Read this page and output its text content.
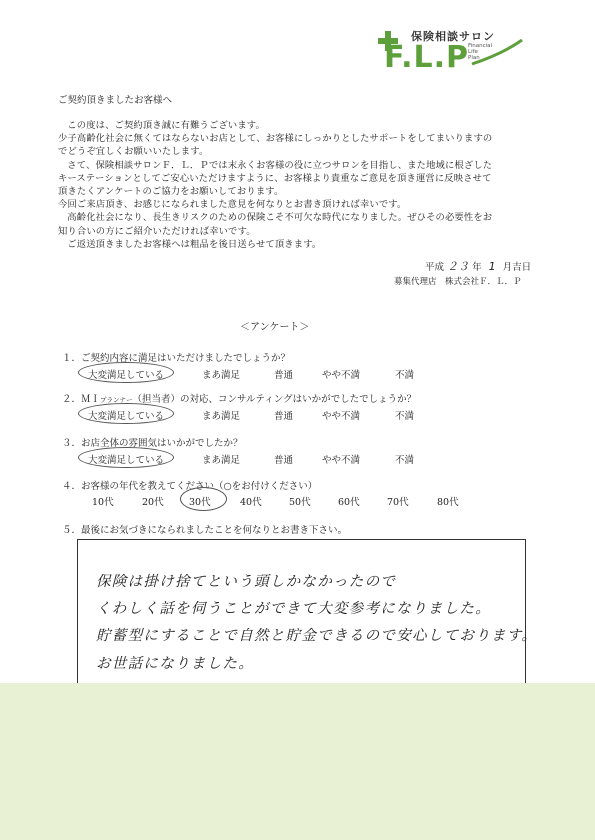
保険相談サロン
F.L.P Financial
Life
Plan
ご契約頂きましたお客様へ

この度は、ご契約頂き誠に有難うございます。

少子高齢化社会に無くてはならないお店として、お客様にしっかりとしたサポートをしてまいりますの

でどうぞ宜しくお願いいたします。

さて、保険相談サロンＦ．Ｌ．Ｐでは末永くお客様の役に立つサロンを目指し、また地域に根ざした

キーステーションとしてご安心いただけますように、お客様より貴重なご意見を頂き運営に反映させて

頂きたくアンケートのご協力をお願いしております。

今回ご来店頂き、お感じになられました意見を何なりとお書き頂ければ幸いです。

高齢化社会になり、長生きリスクのための保険こそ不可欠な時代になりました。ぜひその必要性をお

知り合いの方にご紹介いただければ幸いです。

ご返送頂きましたお客様へは粗品を後日送らせて頂きます。

平成 ２３ 年 1 月吉日
募集代理店　株式会社Ｆ．Ｌ．Ｐ
＜アンケート＞
１．ご契約内容に満足はいただけましたでしょうか？
大変満足している	まあ満足	普通	やや不満	不満
２．ＭＩプランナー（担当者）の対応、コンサルティングはいかがでしたでしょうか？
大変満足している	まあ満足	普通	やや不満	不満
３．お店全体の雰囲気はいかがでしたか？
大変満足している	まあ満足	普通	やや不満	不満
４．お客様の年代を教えてください（○をお付けください）
10代	20代	30代	40代	50代	60代	70代	80代
５．最後にお気づきになられましたことを何なりとお書き下さい。
保険は掛け捨てという頭しかなかったので
くわしく話を伺うことができて大変参考になりました。
貯蓄型にすることで自然と貯金できるので安心しております。
お世話になりました。
